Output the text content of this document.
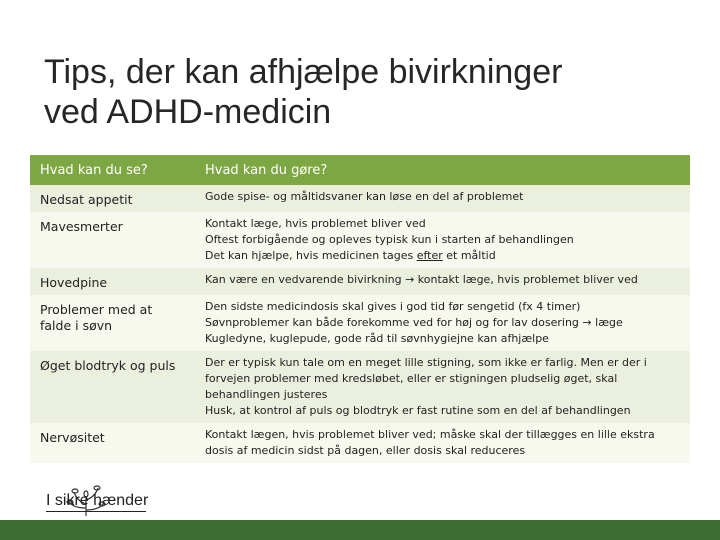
Tips, der kan afhjælpe bivirkninger
ved ADHD-medicin
Hvad kan du se?	Hvad kan du gøre?
Nedsat appetit	Gode spise- og måltidsvaner kan løse en del af problemet

Mavesmerter	Kontakt læge, hvis problemet bliver ved
Oftest forbigående og opleves typisk kun i starten af behandlingen
Det kan hjælpe, hvis medicinen tages efter et måltid

Hovedpine	Kan være en vedvarende bivirkning → kontakt læge, hvis problemet bliver ved

Problemer med at falde i søvn	Den sidste medicindosis skal gives i god tid før sengetid (fx 4 timer)
Søvnproblemer kan både forekomme ved for høj og for lav dosering → læge
Kugledyne, kuglepude, gode råd til søvnhygiejne kan afhjælpe

Øget blodtryk og puls	Der er typisk kun tale om en meget lille stigning, som ikke er farlig. Men er der i forvejen problemer med kredsløbet, eller er stigningen pludselig øget, skal behandlingen justeres
Husk, at kontrol af puls og blodtryk er fast rutine som en del af behandlingen

Nervøsitet	Kontakt lægen, hvis problemet bliver ved; måske skal der tillægges en lille ekstra dosis af medicin sidst på dagen, eller dosis skal reduceres
I sikre hænder
